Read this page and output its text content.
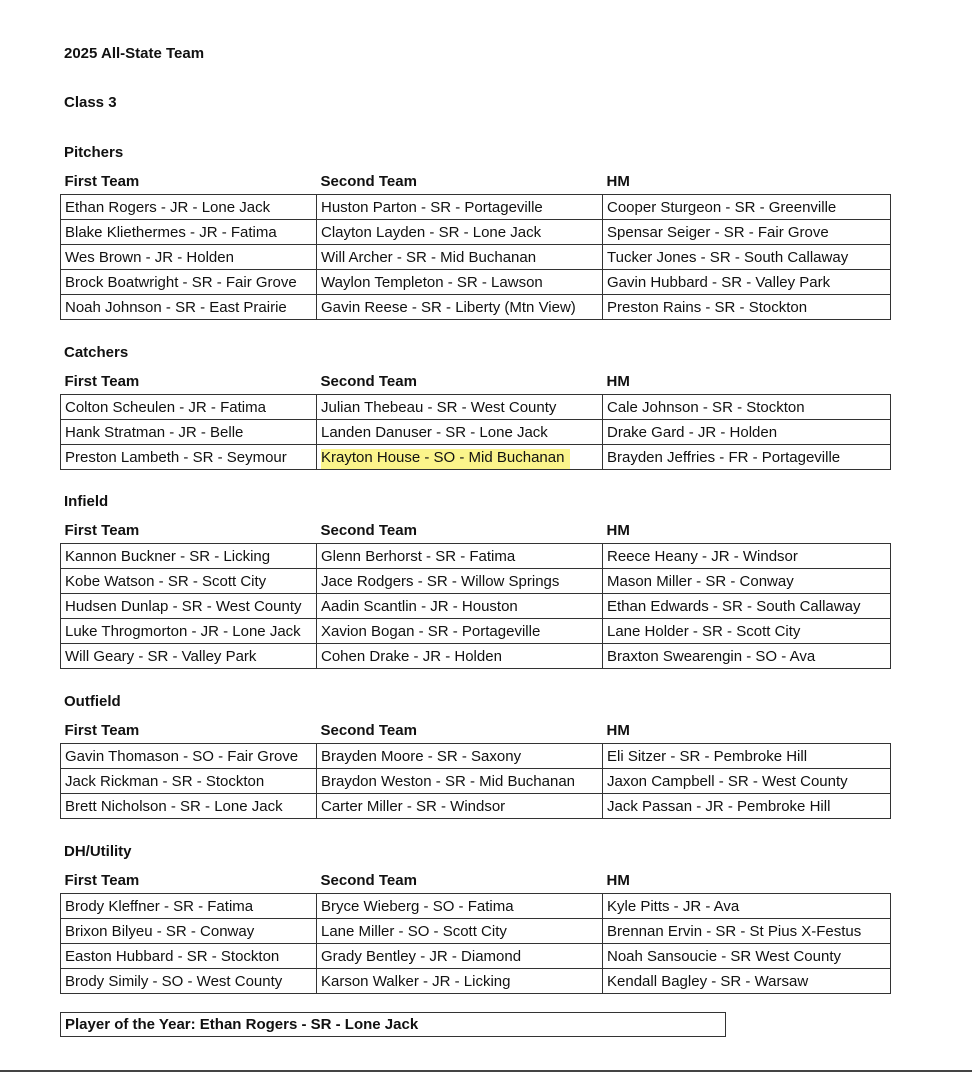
2025 All-State Team
Class 3
Pitchers
First Team	Second Team	HM
Ethan Rogers - JR - Lone Jack	Huston Parton - SR - Portageville	Cooper Sturgeon - SR - Greenville
Blake Kliethermes - JR - Fatima	Clayton Layden - SR - Lone Jack	Spensar Seiger - SR - Fair Grove
Wes Brown - JR - Holden	Will Archer - SR - Mid Buchanan	Tucker Jones - SR - South Callaway
Brock Boatwright - SR - Fair Grove	Waylon Templeton - SR - Lawson	Gavin Hubbard - SR - Valley Park
Noah Johnson - SR - East Prairie	Gavin Reese - SR - Liberty (Mtn View)	Preston Rains - SR - Stockton
Catchers
First Team	Second Team	HM
Colton Scheulen - JR - Fatima	Julian Thebeau - SR - West County	Cale Johnson - SR - Stockton
Hank Stratman - JR - Belle	Landen Danuser - SR - Lone Jack	Drake Gard - JR - Holden
Preston Lambeth - SR - Seymour	Krayton House - SO - Mid Buchanan	Brayden Jeffries - FR - Portageville
Infield
First Team	Second Team	HM
Kannon Buckner - SR - Licking	Glenn Berhorst - SR - Fatima	Reece Heany - JR - Windsor
Kobe Watson - SR - Scott City	Jace Rodgers - SR - Willow Springs	Mason Miller - SR - Conway
Hudsen Dunlap - SR - West County	Aadin Scantlin - JR - Houston	Ethan Edwards - SR - South Callaway
Luke Throgmorton - JR - Lone Jack	Xavion Bogan - SR - Portageville	Lane Holder - SR - Scott City
Will Geary - SR - Valley Park	Cohen Drake - JR - Holden	Braxton Swearengin - SO - Ava
Outfield
First Team	Second Team	HM
Gavin Thomason - SO - Fair Grove	Brayden Moore - SR - Saxony	Eli Sitzer - SR - Pembroke Hill
Jack Rickman - SR - Stockton	Braydon Weston - SR - Mid Buchanan	Jaxon Campbell - SR - West County
Brett Nicholson - SR - Lone Jack	Carter Miller - SR - Windsor	Jack Passan - JR - Pembroke Hill
DH/Utility
First Team	Second Team	HM
Brody Kleffner - SR - Fatima	Bryce Wieberg - SO - Fatima	Kyle Pitts - JR - Ava
Brixon Bilyeu - SR - Conway	Lane Miller - SO - Scott City	Brennan Ervin - SR - St Pius X-Festus
Easton Hubbard - SR - Stockton	Grady Bentley - JR - Diamond	Noah Sansoucie - SR West County
Brody Simily - SO - West County	Karson Walker - JR - Licking	Kendall Bagley - SR - Warsaw
Player of the Year: Ethan Rogers - SR - Lone Jack
